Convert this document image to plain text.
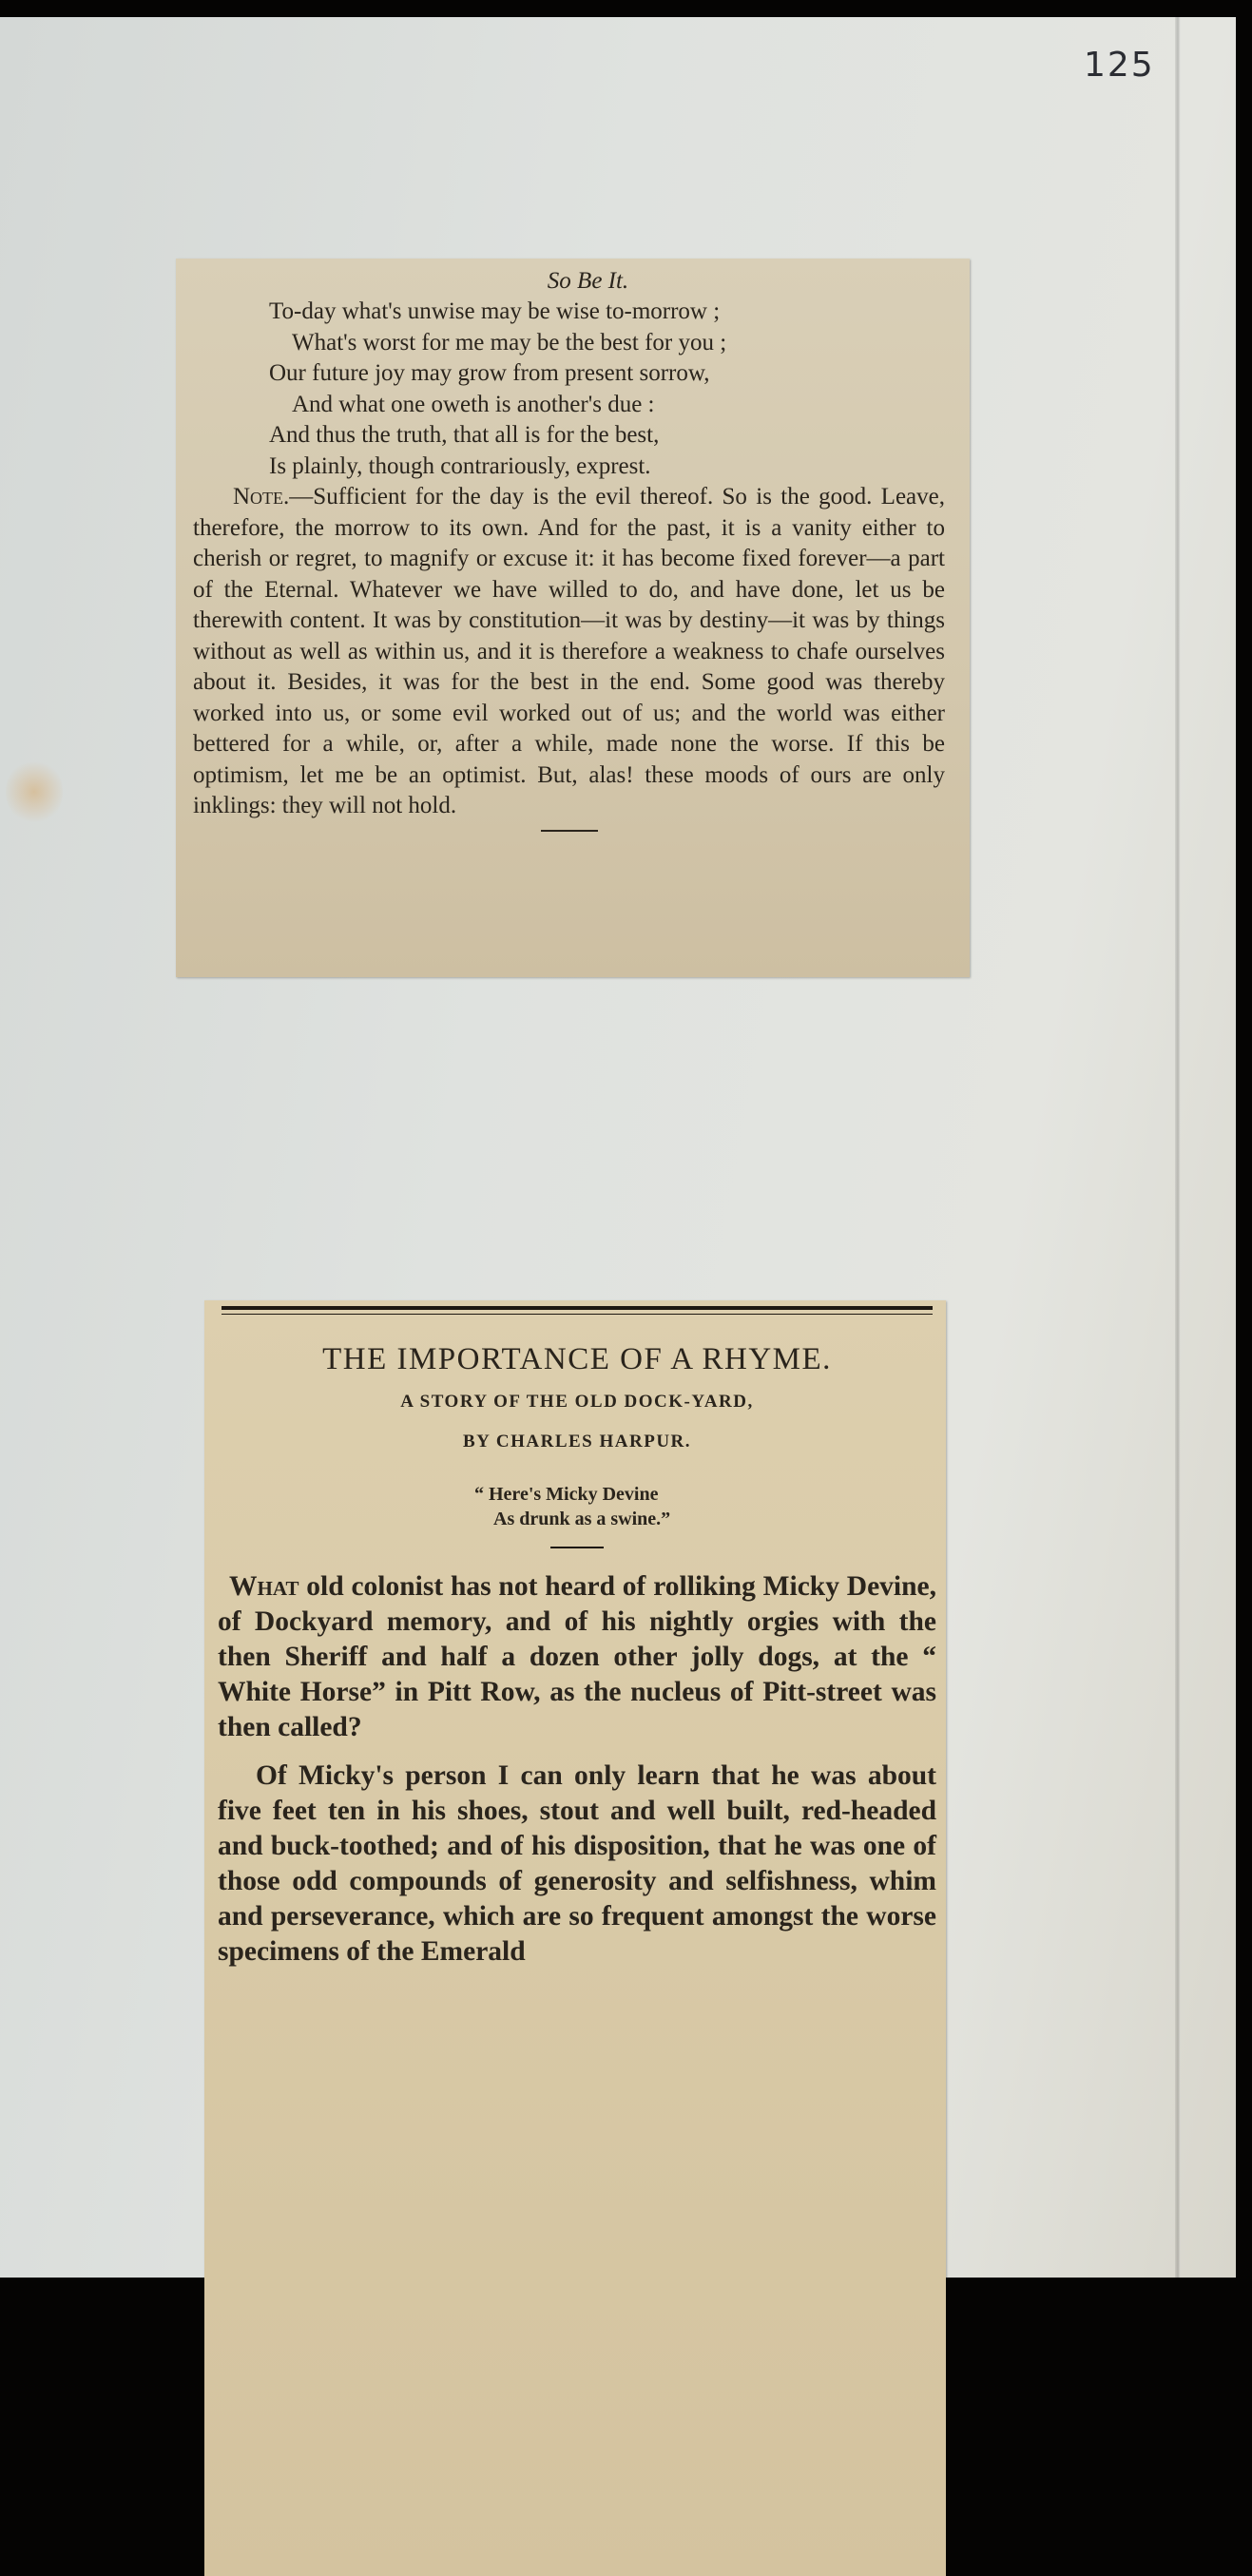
125
So Be It.
To-day what's unwise may be wise to-morrow ;
What's worst for me may be the best for you ;
Our future joy may grow from present sorrow,
And what one oweth is another's due :
And thus the truth, that all is for the best,
Is plainly, though contrariously, exprest.

Note.—Sufficient for the day is the evil thereof. So is the good. Leave, therefore, the morrow to its own. And for the past, it is a vanity either to cherish or regret, to magnify or excuse it: it has become fixed forever—a part of the Eternal. Whatever we have willed to do, and have done, let us be therewith content. It was by constitution—it was by destiny—it was by things without as well as within us, and it is therefore a weakness to chafe ourselves about it. Besides, it was for the best in the end. Some good was thereby worked into us, or some evil worked out of us; and the world was either bettered for a while, or, after a while, made none the worse. If this be optimism, let me be an optimist. But, alas! these moods of ours are only inklings: they will not hold.

THE IMPORTANCE OF A RHYME.
A STORY OF THE OLD DOCK-YARD,
BY CHARLES HARPUR.
“ Here's Micky Devine
As drunk as a swine.”

What old colonist has not heard of rolliking Micky Devine, of Dockyard memory, and of his nightly orgies with the then Sheriff and half a dozen other jolly dogs, at the “ White Horse” in Pitt Row, as the nucleus of Pitt-street was then called?

Of Micky's person I can only learn that he was about five feet ten in his shoes, stout and well built, red-headed and buck-toothed; and of his disposition, that he was one of those odd compounds of generosity and selfishness, whim and perseverance, which are so frequent amongst the worse specimens of the Emerald
